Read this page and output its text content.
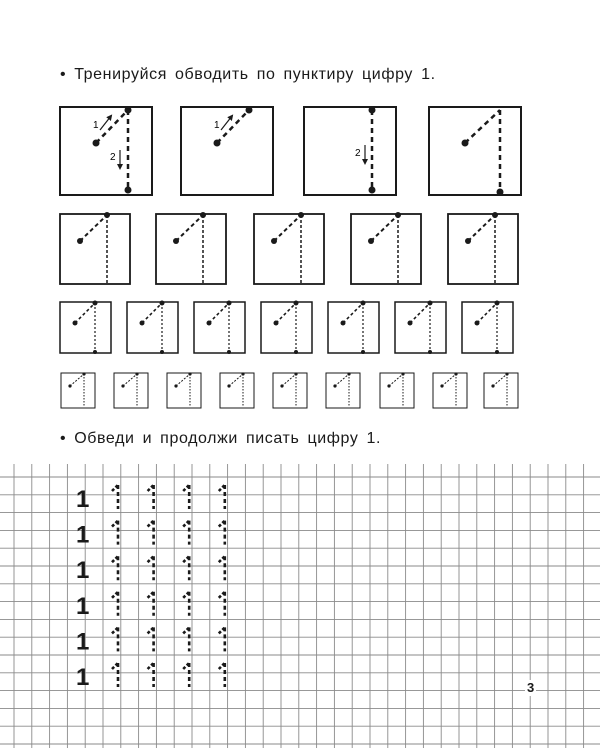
• Тренируйся обводить по пунктиру цифру 1.

1
2
1
2

• Обведи и продолжи писать цифру 1.

1
1
1
1
1
1	3
